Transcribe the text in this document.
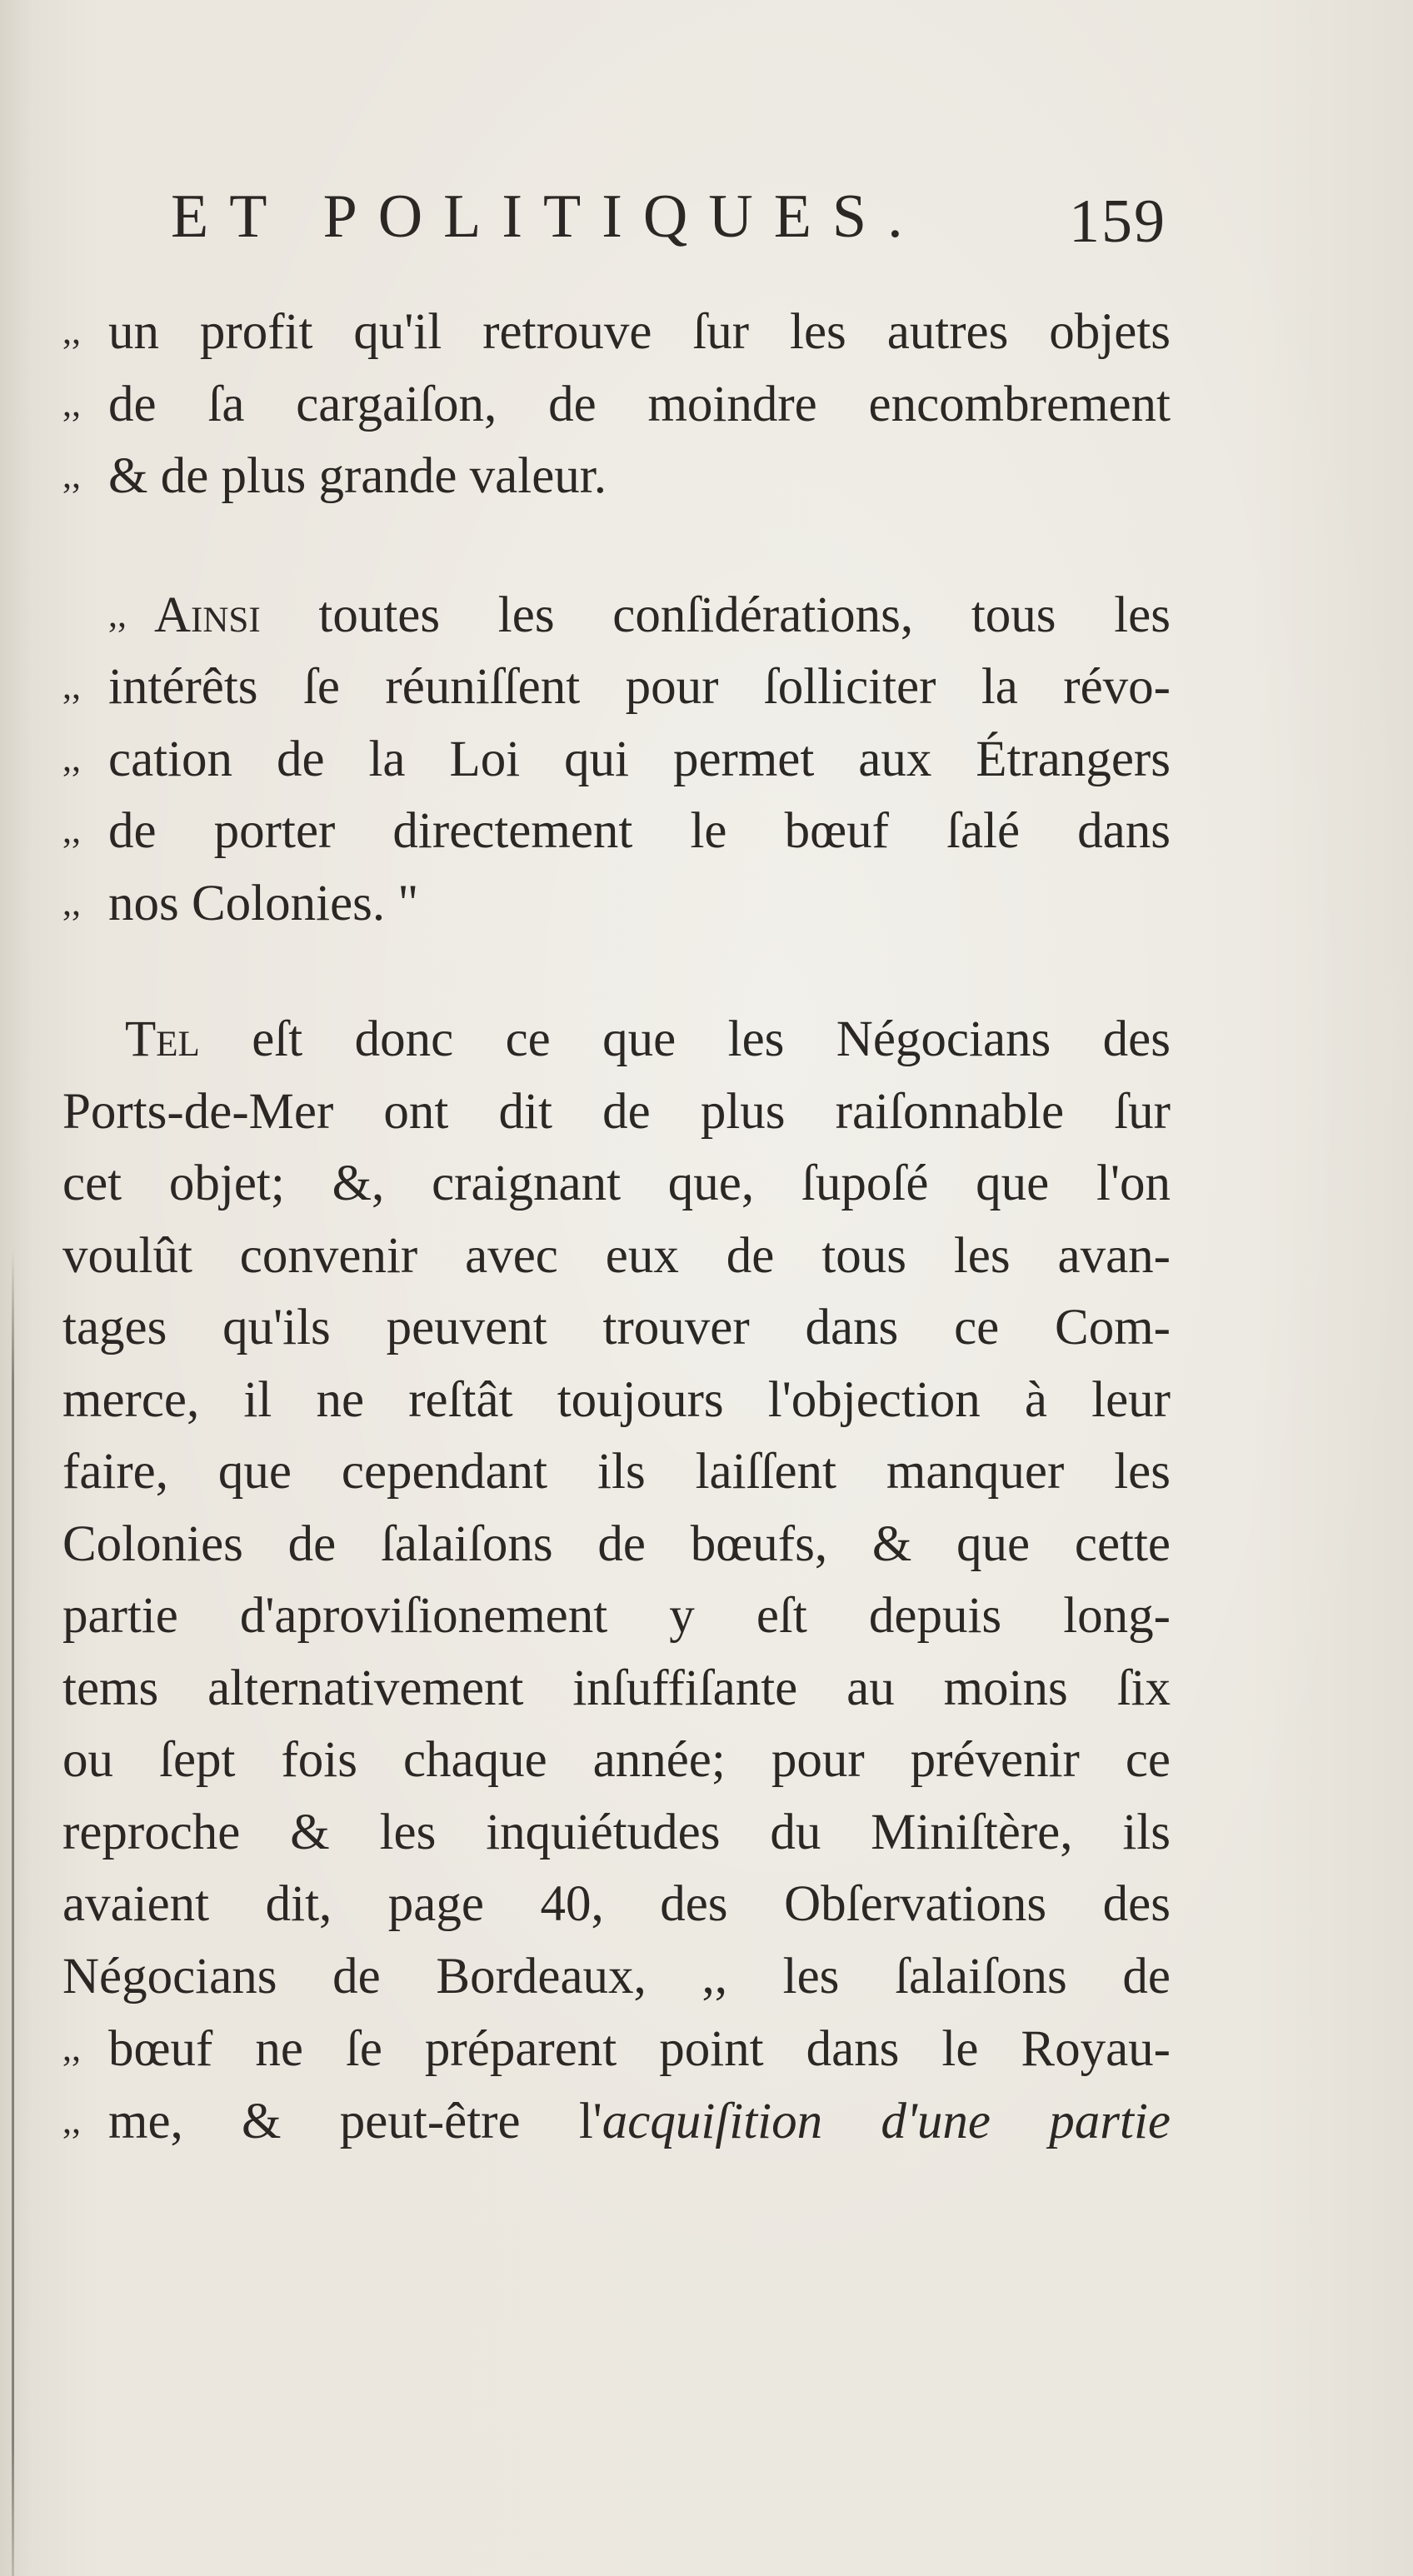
ET POLITIQUES. 159
,, un profit qu'il retrouve ſur les autres objets
,, de ſa cargaiſon, de moindre encombrement
,, & de plus grande valeur.
,, Ainsi toutes les conſidérations, tous les
,, intérêts ſe réuniſſent pour ſolliciter la révo-
,, cation de la Loi qui permet aux Étrangers
,, de porter directement le bœuf ſalé dans
,, nos Colonies. "
Tel eſt donc ce que les Négocians des
Ports-de-Mer ont dit de plus raiſonnable ſur
cet objet; &, craignant que, ſupoſé que l'on
voulût convenir avec eux de tous les avan-
tages qu'ils peuvent trouver dans ce Com-
merce, il ne reſtât toujours l'objection à leur
faire, que cependant ils laiſſent manquer les
Colonies de ſalaiſons de bœufs, & que cette
partie d'aproviſionement y eſt depuis long-
tems alternativement inſuffiſante au moins ſix
ou ſept fois chaque année; pour prévenir ce
reproche & les inquiétudes du Miniſtère, ils
avaient dit, page 40, des Obſervations des
Négocians de Bordeaux, ,, les ſalaiſons de
,, bœuf ne ſe préparent point dans le Royau-
,, me, & peut-être l'acquiſition d'une partie
